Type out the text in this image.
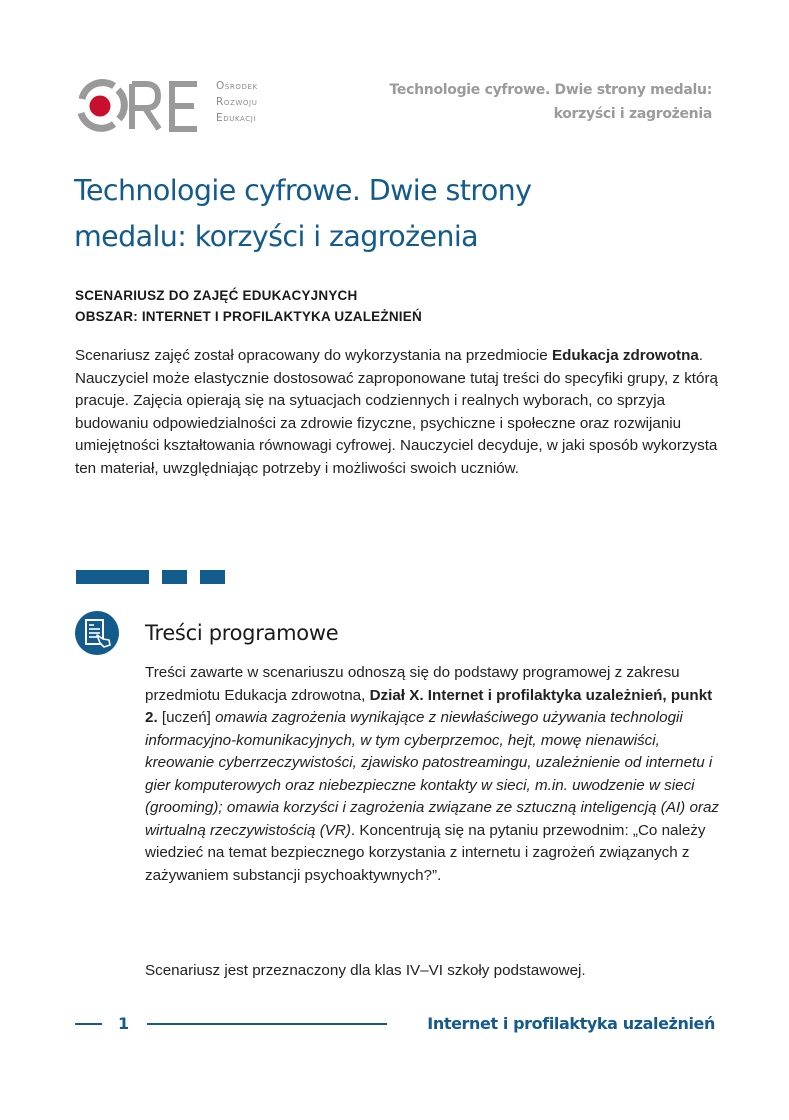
Ośrodek
Rozwoju
Edukacji
Technologie cyfrowe. Dwie strony medalu:
korzyści i zagrożenia
Technologie cyfrowe. Dwie strony
medalu: korzyści i zagrożenia
SCENARIUSZ DO ZAJĘĆ EDUKACYJNYCH
OBSZAR: INTERNET I PROFILAKTYKA UZALEŻNIEŃ

Scenariusz zajęć został opracowany do wykorzystania na przedmiocie Edukacja zdrowotna. Nauczyciel może elastycznie dostosować zaproponowane tutaj treści do specyfiki grupy, z którą pracuje. Zajęcia opierają się na sytuacjach codziennych i realnych wyborach, co sprzyja budowaniu odpowiedzialności za zdrowie fizyczne, psychiczne i społeczne oraz rozwijaniu umiejętności kształtowania równowagi cyfrowej. Nauczyciel decyduje, w jaki sposób wykorzysta ten materiał, uwzględniając potrzeby i możliwości swoich uczniów.

Treści programowe

Treści zawarte w scenariuszu odnoszą się do podstawy programowej z zakresu przedmiotu Edukacja zdrowotna, Dział X. Internet i profilaktyka uzależnień, punkt 2. [uczeń] omawia zagrożenia wynikające z niewłaściwego używania technologii informacyjno-komunikacyjnych, w tym cyberprzemoc, hejt, mowę nienawiści, kreowanie cyberrzeczywistości, zjawisko patostreamingu, uzależnienie od internetu i gier komputerowych oraz niebezpieczne kontakty w sieci, m.in. uwodzenie w sieci (grooming); omawia korzyści i zagrożenia związane ze sztuczną inteligencją (AI) oraz wirtualną rzeczywistością (VR). Koncentrują się na pytaniu przewodnim: „Co należy wiedzieć na temat bezpiecznego korzystania z internetu i zagrożeń związanych z zażywaniem substancji psychoaktywnych?”.

Scenariusz jest przeznaczony dla klas IV–VI szkoły podstawowej.

1	Internet i profilaktyka uzależnień
